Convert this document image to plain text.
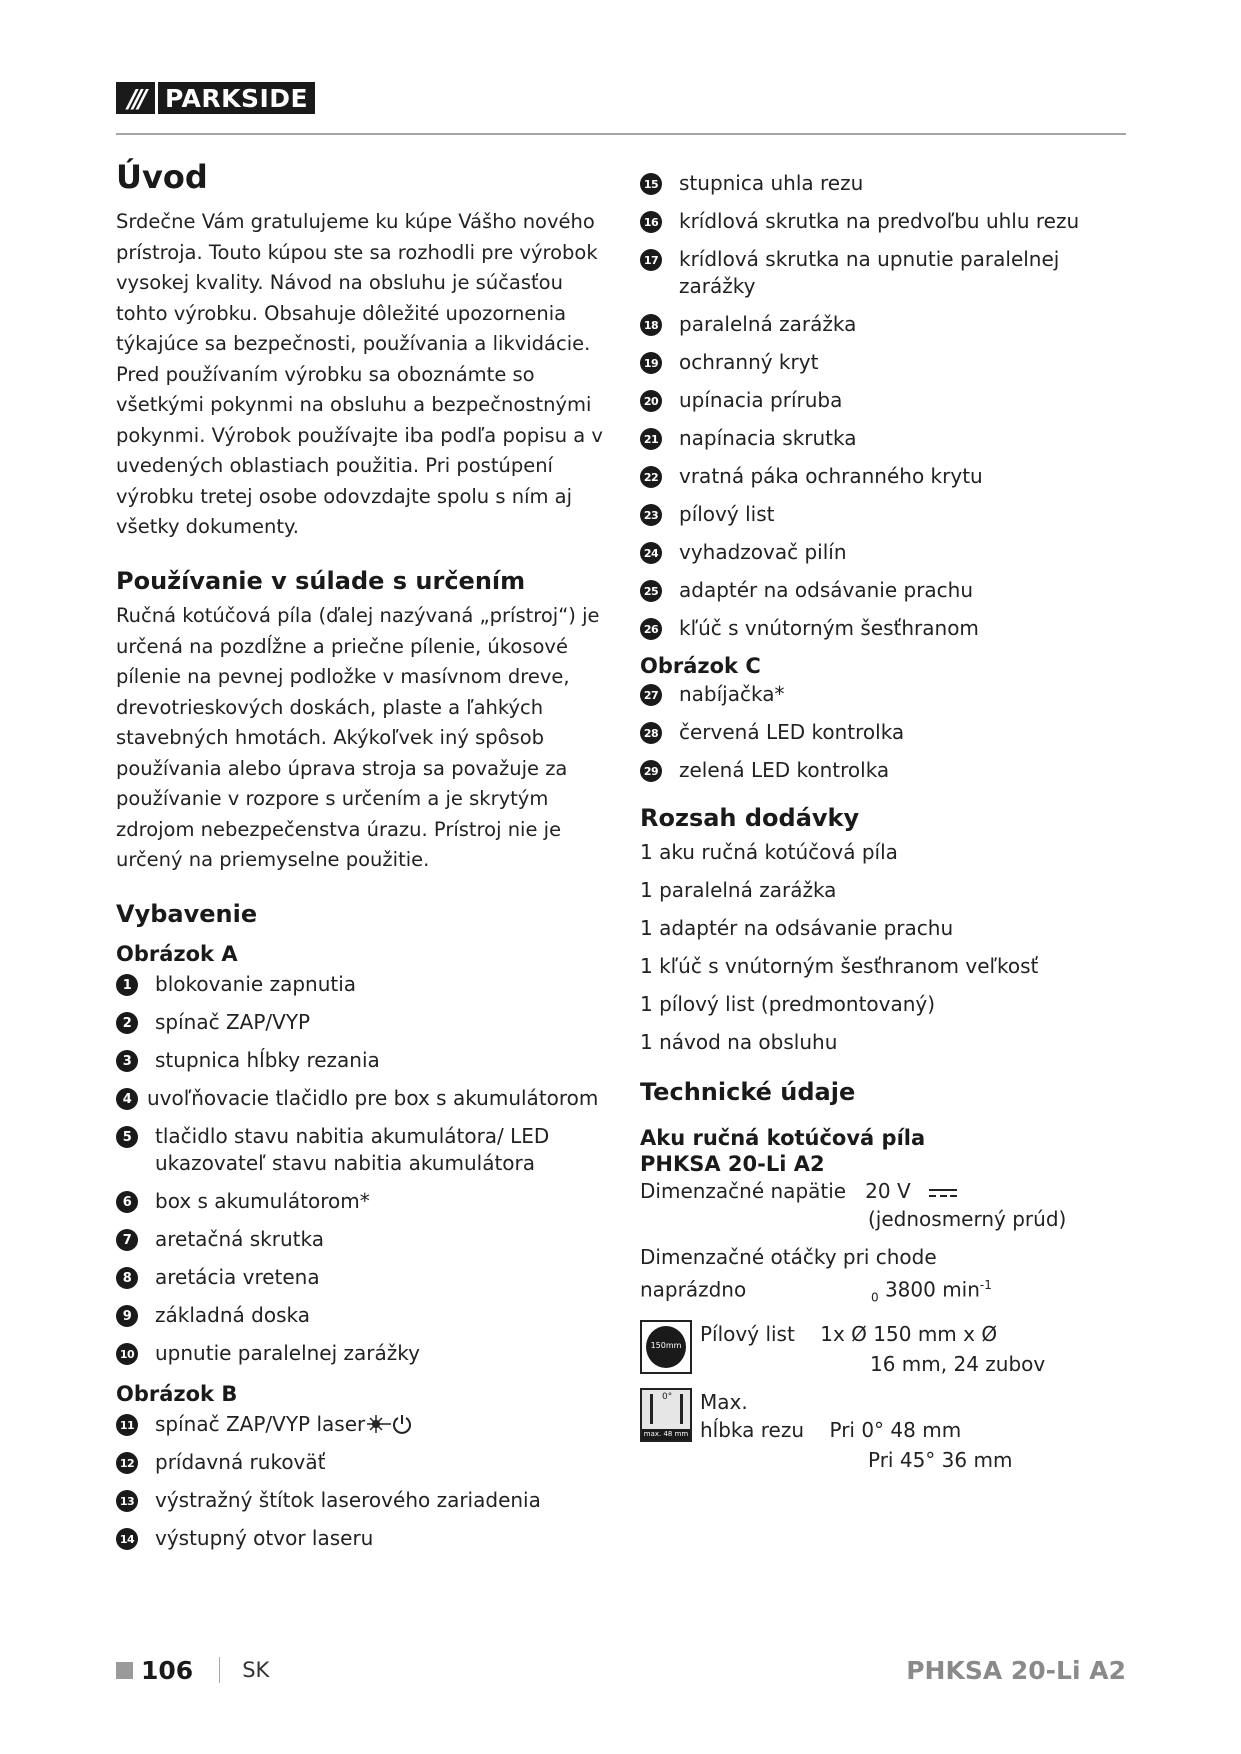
/// PARKSIDE
Úvod

Srdečne Vám gratulujeme ku kúpe Vášho nového prístroja. Touto kúpou ste sa rozhodli pre výrobok vysokej kvality. Návod na obsluhu je súčasťou tohto výrobku. Obsahuje dôležité upozornenia týkajúce sa bezpečnosti, používania a likvidácie. Pred používaním výrobku sa oboznámte so všetkými pokynmi na obsluhu a bezpečnostnými pokynmi. Výrobok používajte iba podľa popisu a v uvedených oblastiach použitia. Pri postúpení výrobku tretej osobe odovzdajte spolu s ním aj všetky dokumenty.

Používanie v súlade s určením

Ručná kotúčová píla (ďalej nazývaná „prístroj“) je určená na pozdĺžne a priečne pílenie, úkosové pílenie na pevnej podložke v masívnom dreve, drevotrieskových doskách, plaste a ľahkých stavebných hmotách. Akýkoľvek iný spôsob používania alebo úprava stroja sa považuje za používanie v rozpore s určením a je skrytým zdrojom nebezpečenstva úrazu. Prístroj nie je určený na priemyselne použitie.

Vybavenie
Obrázok A
1	blokovanie zapnutia
2	spínač ZAP/VYP
3	stupnica hĺbky rezania
4 uvoľňovacie tlačidlo pre box s akumulátorom
5	tlačidlo stavu nabitia akumulátora/ LED ukazovateľ stavu nabitia akumulátora
6	box s akumulátorom*
7	aretačná skrutka
8	aretácia vretena
9	základná doska
10 upnutie paralelnej zarážky
Obrázok B
11 spínač ZAP/VYP laser
12 prídavná rukoväť
13 výstražný štítok laserového zariadenia
14 výstupný otvor laseru
15 stupnica uhla rezu
16 krídlová skrutka na predvoľbu uhlu rezu
17 krídlová skrutka na upnutie paralelnej zarážky
18 paralelná zarážka
19 ochranný kryt
20 upínacia príruba
21 napínacia skrutka
22 vratná páka ochranného krytu
23 pílový list
24 vyhadzovač pilín
25 adaptér na odsávanie prachu
26 kľúč s vnútorným šesťhranom
Obrázok C
27 nabíjačka*
28 červená LED kontrolka
29 zelená LED kontrolka
Rozsah dodávky
1 aku ručná kotúčová píla
1 paralelná zarážka
1 adaptér na odsávanie prachu
1 kľúč s vnútorným šesťhranom veľkosť
1 pílový list (predmontovaný)
1 návod na obsluhu
Technické údaje
Aku ručná kotúčová píla
PHKSA 20-Li A2
Dimenzačné napätie 20 V
(jednosmerný prúd)
Dimenzačné otáčky pri chode
naprázdno	$_0$ 3800 $\min^{-1}$
150mm Pílový list 1x Ø 150 mm x Ø
16 mm, 24 zubov
0°
max. 48 mm
Max.
hĺbka rezu Pri 0° 48 mm
Pri 45° 36 mm
106 SK	PHKSA 20-Li A2
